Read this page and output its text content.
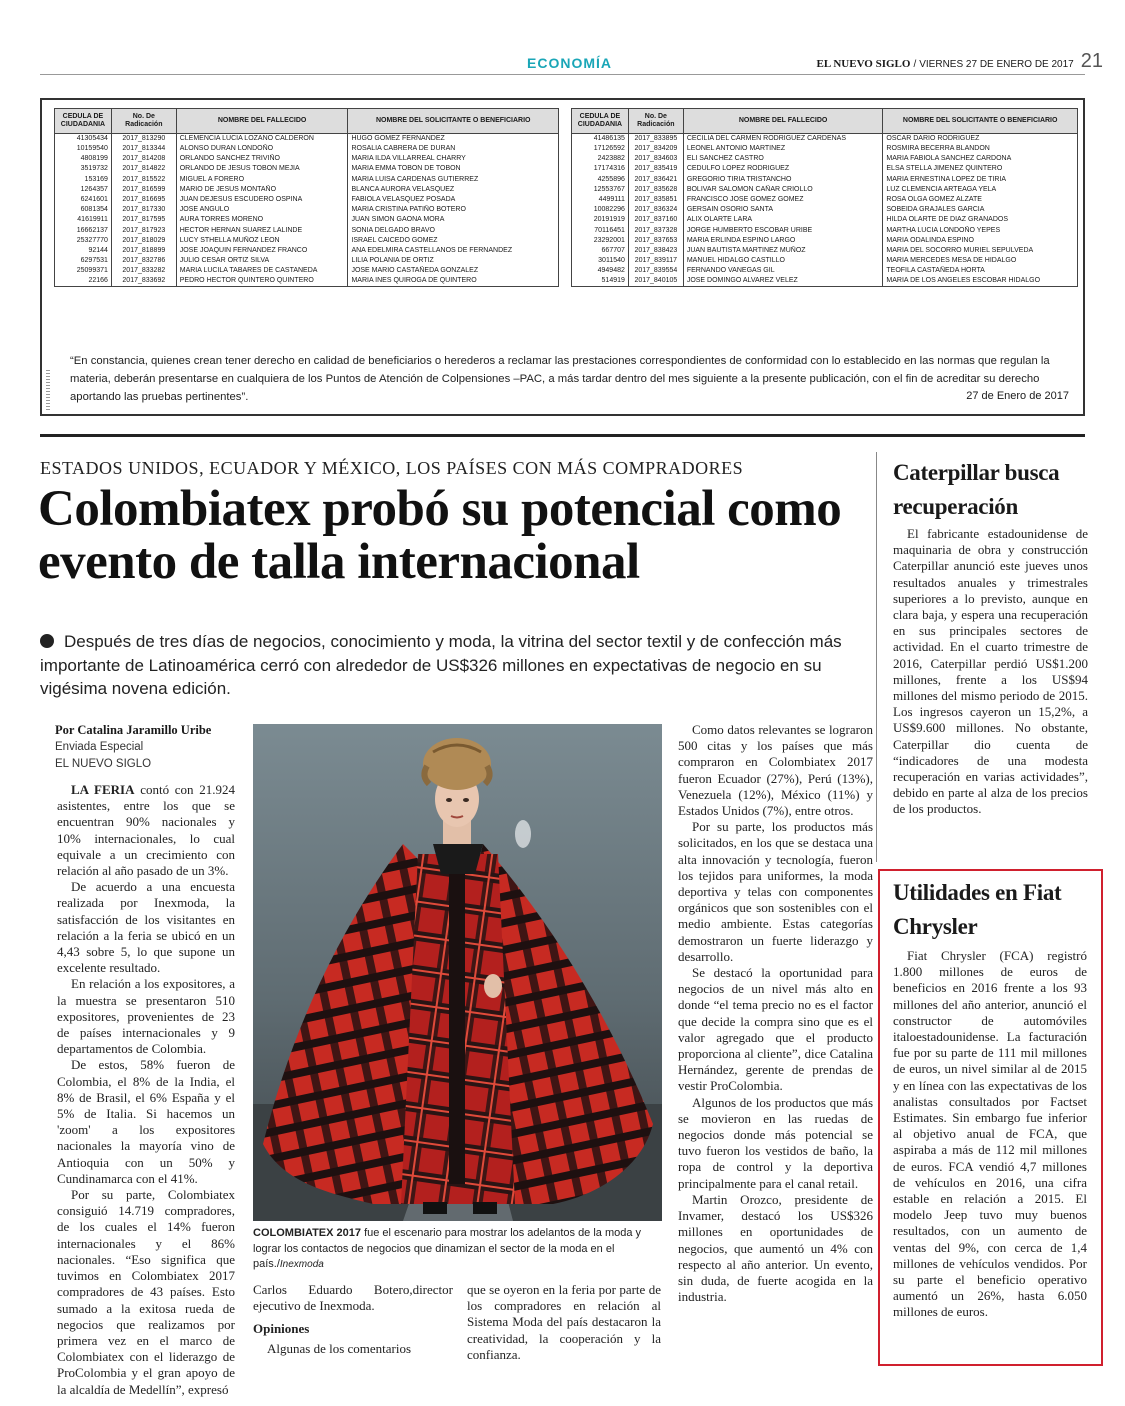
ECONOMÍA	EL NUEVO SIGLO / VIERNES 27 DE ENERO DE 2017 21
CEDULA DE CIUDADANIA	No. De Radicación	NOMBRE DEL FALLECIDO	NOMBRE DEL SOLICITANTE O BENEFICIARIO
41305434	2017_813290	CLEMENCIA LUCIA LOZANO CALDERON	HUGO GOMEZ FERNANDEZ
10159540	2017_813344	ALONSO DURAN LONDOÑO	ROSALIA CABRERA DE DURAN
4808199	2017_814208	ORLANDO SANCHEZ TRIVIÑO	MARIA ILDA VILLARREAL CHARRY
3519732	2017_814822	ORLANDO DE JESUS TOBON MEJIA	MARIA EMMA TOBON DE TOBON
153169	2017_815522	MIGUEL A FORERO	MARIA LUISA CARDENAS GUTIERREZ
1264357	2017_816599	MARIO DE JESUS MONTAÑO	BLANCA AURORA VELASQUEZ
6241601	2017_816695	JUAN DEJESUS ESCUDERO OSPINA	FABIOLA VELASQUEZ POSADA
6081354	2017_817330	JOSE ANGULO	MARIA CRISTINA PATIÑO BOTERO
41619911	2017_817595	AURA TORRES MORENO	JUAN SIMON GAONA MORA
16662137	2017_817923	HECTOR HERNAN SUAREZ LALINDE	SONIA DELGADO BRAVO
25327770	2017_818029	LUCY STHELLA MUÑOZ LEON	ISRAEL CAICEDO GOMEZ
92144	2017_818899	JOSE JOAQUIN FERNANDEZ FRANCO	ANA EDELMIRA CASTELLANOS DE FERNANDEZ
6297531	2017_832786	JULIO CESAR ORTIZ SILVA	LILIA POLANIA DE ORTIZ
25099371	2017_833282	MARIA LUCILA TABARES DE CASTANEDA	JOSE MARIO CASTAÑEDA GONZALEZ
22166	2017_833692	PEDRO HECTOR QUINTERO QUINTERO	MARIA INES QUIROGA DE QUINTERO
CEDULA DE CIUDADANIA	No. De Radicación	NOMBRE DEL FALLECIDO	NOMBRE DEL SOLICITANTE O BENEFICIARIO
41486135	2017_833895	CECILIA DEL CARMEN RODRIGUEZ CARDENAS	OSCAR DARIO RODRIGUEZ
17126592	2017_834209	LEONEL ANTONIO MARTINEZ	ROSMIRA BECERRA BLANDON
2423882	2017_834603	ELI SANCHEZ CASTRO	MARIA FABIOLA SANCHEZ CARDONA
17174316	2017_835419	CEDULFO LOPEZ RODRIGUEZ	ELSA STELLA JIMENEZ QUINTERO
4255896	2017_836421	GREGORIO TIRIA TRISTANCHO	MARIA ERNESTINA LOPEZ DE TIRIA
12553767	2017_835628	BOLIVAR SALOMON CAÑAR CRIOLLO	LUZ CLEMENCIA ARTEAGA YELA
4499111	2017_835851	FRANCISCO JOSE GOMEZ GOMEZ	ROSA OLGA GOMEZ ALZATE
10082296	2017_836324	GERSAIN OSORIO SANTA	SOBEIDA GRAJALES GARCIA
20191919	2017_837160	ALIX OLARTE LARA	HILDA OLARTE DE DIAZ GRANADOS
70116451	2017_837328	JORGE HUMBERTO ESCOBAR URIBE	MARTHA LUCIA LONDOÑO YEPES
23292001	2017_837653	MARIA ERLINDA ESPINO LARGO	MARIA ODALINDA ESPINO
667707	2017_838423	JUAN BAUTISTA MARTINEZ MUÑOZ	MARIA DEL SOCORRO MURIEL SEPULVEDA
3011540	2017_839117	MANUEL HIDALGO CASTILLO	MARIA MERCEDES MESA DE HIDALGO
4949482	2017_839554	FERNANDO VANEGAS GIL	TEOFILA CASTAÑEDA HORTA
514919	2017_840105	JOSE DOMINGO ALVAREZ VELEZ	MARIA DE LOS ANGELES ESCOBAR HIDALGO
“En constancia, quienes crean tener derecho en calidad de beneficiarios o herederos a reclamar las prestaciones correspondientes de conformidad con lo establecido en las normas que regulan la materia, deberán presentarse en cualquiera de los Puntos de Atención de Colpensiones –PAC, a más tardar dentro del mes siguiente a la presente publicación, con el fin de acreditar su derecho aportando las pruebas pertinentes”.	27 de Enero de 2017
ESTADOS UNIDOS, ECUADOR Y MÉXICO, LOS PAÍSES CON MÁS COMPRADORES
Colombiatex probó su potencial como evento de talla internacional
Después de tres días de negocios, conocimiento y moda, la vitrina del sector textil y de confección más importante de Latinoamérica cerró con alrededor de US$326 millones en expectativas de negocio en su vigésima novena edición.
Por Catalina Jaramillo Uribe
Enviada Especial
EL NUEVO SIGLO

LA FERIA contó con 21.924 asistentes, entre los que se encuentran 90% nacionales y 10% internacionales, lo cual equivale a un crecimiento con relación al año pasado de un 3%.

De acuerdo a una encuesta realizada por Inexmoda, la satisfacción de los visitantes en relación a la feria se ubicó en un 4,43 sobre 5, lo que supone un excelente resultado.

En relación a los expositores, a la muestra se presentaron 510 expositores, provenientes de 23 de países internacionales y 9 departamentos de Colombia.

De estos, 58% fueron de Colombia, el 8% de la India, el 8% de Brasil, el 6% España y el 5% de Italia. Si hacemos un 'zoom' a los expositores nacionales la mayoría vino de Antioquia con un 50% y Cundinamarca con el 41%.

Por su parte, Colombiatex consiguió 14.719 compradores, de los cuales el 14% fueron internacionales y el 86% nacionales. “Eso significa que tuvimos en Colombiatex 2017 compradores de 43 países. Esto sumado a la exitosa rueda de negocios que realizamos por primera vez en el marco de Colombiatex con el liderazgo de ProColombia y el gran apoyo de la alcaldía de Medellín”, expresó

COLOMBIATEX 2017 fue el escenario para mostrar los adelantos de la moda y lograr los contactos de negocios que dinamizan el sector de la moda en el país./Inexmoda

Carlos Eduardo Botero,director ejecutivo de Inexmoda.

Opiniones

Algunas de los comentarios

que se oyeron en la feria por parte de los compradores en relación al Sistema Moda del país destacaron la creatividad, la cooperación y la confianza.

Como datos relevantes se lograron 500 citas y los países que más compraron en Colombiatex 2017 fueron Ecuador (27%), Perú (13%), Venezuela (12%), México (11%) y Estados Unidos (7%), entre otros.

Por su parte, los productos más solicitados, en los que se destaca una alta innovación y tecnología, fueron los tejidos para uniformes, la moda deportiva y telas con componentes orgánicos que son sostenibles con el medio ambiente. Estas categorías demostraron un fuerte liderazgo y desarrollo.

Se destacó la oportunidad para negocios de un nivel más alto en donde “el tema precio no es el factor que decide la compra sino que es el valor agregado que el producto proporciona al cliente”, dice Catalina Hernández, gerente de prendas de vestir ProColombia.

Algunos de los productos que más se movieron en las ruedas de negocios donde más potencial se tuvo fueron los vestidos de baño, la ropa de control y la deportiva principalmente para el canal retail.

Martin Orozco, presidente de Invamer, destacó los US$326 millones en oportunidades de negocios, que aumentó un 4% con respecto al año anterior. Un evento, sin duda, de fuerte acogida en la industria.

Caterpillar busca recuperación

El fabricante estadounidense de maquinaria de obra y construcción Caterpillar anunció este jueves unos resultados anuales y trimestrales superiores a lo previsto, aunque en clara baja, y espera una recuperación en sus principales sectores de actividad. En el cuarto trimestre de 2016, Caterpillar perdió US$1.200 millones, frente a los US$94 millones del mismo periodo de 2015. Los ingresos cayeron un 15,2%, a US$9.600 millones. No obstante, Caterpillar dio cuenta de “indicadores de una modesta recuperación en varias actividades”, debido en parte al alza de los precios de los productos.

Utilidades en Fiat Chrysler

Fiat Chrysler (FCA) registró 1.800 millones de euros de beneficios en 2016 frente a los 93 millones del año anterior, anunció el constructor de automóviles italoestadounidense. La facturación fue por su parte de 111 mil millones de euros, un nivel similar al de 2015 y en línea con las expectativas de los analistas consultados por Factset Estimates. Sin embargo fue inferior al objetivo anual de FCA, que aspiraba a más de 112 mil millones de euros. FCA vendió 4,7 millones de vehículos en 2016, una cifra estable en relación a 2015. El modelo Jeep tuvo muy buenos resultados, con un aumento de ventas del 9%, con cerca de 1,4 millones de vehículos vendidos. Por su parte el beneficio operativo aumentó un 26%, hasta 6.050 millones de euros.
